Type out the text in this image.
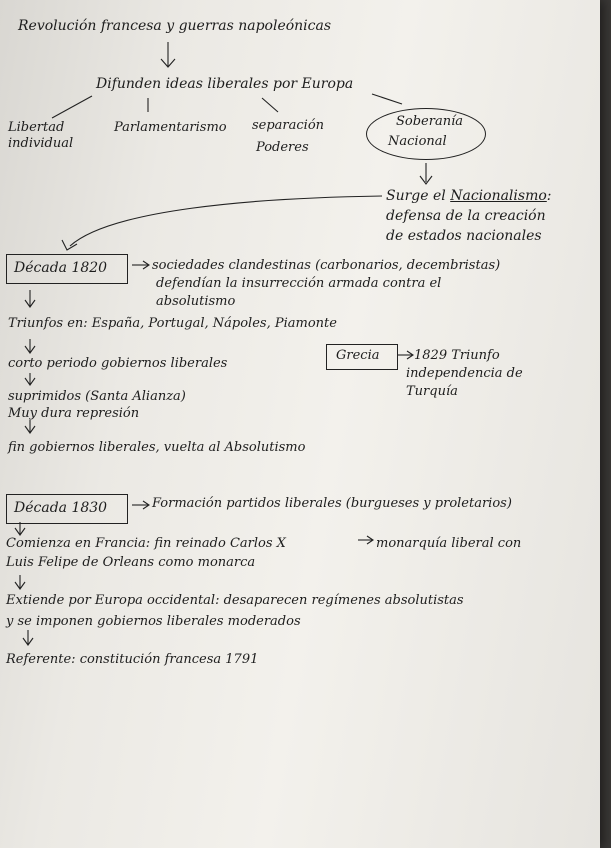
Revolución francesa y guerras napoleónicas
Difunden ideas liberales por Europa
Libertad
individual
Parlamentarismo separación
Poderes
Soberanía
Nacional
Surge el Nacionalismo:
defensa de la creación
de estados nacionales
Década 1820	sociedades clandestinas (carbonarios, decembristas)
defendían la insurrección armada contra el
absolutismo
Triunfos en: España, Portugal, Nápoles, Piamonte
corto periodo gobiernos liberales
suprimidos (Santa Alianza)
Muy dura represión
fin gobiernos liberales, vuelta al Absolutismo
Grecia	1829 Triunfo
independencia de
Turquía
Década 1830	Formación partidos liberales (burgueses y proletarios)
Comienza en Francia: fin reinado Carlos X	monarquía liberal con
Luis Felipe de Orleans como monarca
Extiende por Europa occidental: desaparecen regímenes absolutistas
y se imponen gobiernos liberales moderados
Referente: constitución francesa 1791
